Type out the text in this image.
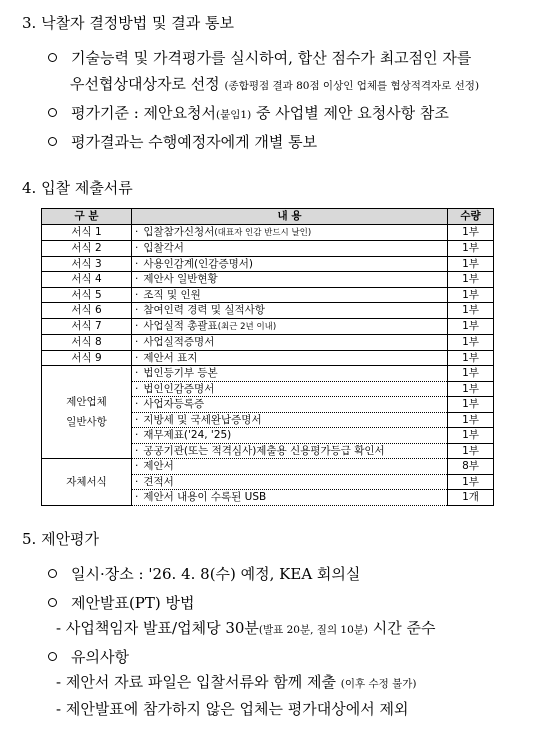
3. 낙찰자 결정방법 및 결과 통보
기술능력 및 가격평가를 실시하여, 합산 점수가 최고점인 자를
우선협상대상자로 선정 (종합평점 결과 80점 이상인 업체를 협상적격자로 선정)
평가기준 : 제안요청서(붙임1) 중 사업별 제안 요청사항 참조
평가결과는 수행예정자에게 개별 통보
4. 입찰 제출서류
구 분	내 용	수량
서식 1	· 입찰참가신청서(대표자 인감 반드시 날인)	1부
서식 2	· 입찰각서	1부
서식 3	· 사용인감계(인감증명서)	1부
서식 4	· 제안사 일반현황	1부
서식 5	· 조직 및 인원	1부
서식 6	· 참여인력 경력 및 실적사항	1부
서식 7	· 사업실적 총괄표(최근 2년 이내)	1부
서식 8	· 사업실적증명서	1부
서식 9	· 제안서 표지	1부

제안업체
일반사항	· 법인등기부 등본	1부
	· 법인인감증명서	1부
	· 사업자등록증	1부
	· 지방세 및 국세완납증명서	1부
	· 재무제표('24, '25)	1부
	· 공공기관(또는 적격심사)제출용 신용평가등급 확인서	1부

자체서식	· 제안서	8부
	· 견적서	1부
	· 제안서 내용이 수록된 USB	1개
5. 제안평가
일시·장소 : '26. 4. 8(수) 예정, KEA 회의실
제안발표(PT) 방법
- 사업책임자 발표/업체당 30분(발표 20분, 질의 10분) 시간 준수
유의사항
- 제안서 자료 파일은 입찰서류와 함께 제출 (이후 수정 불가)
- 제안발표에 참가하지 않은 업체는 평가대상에서 제외
